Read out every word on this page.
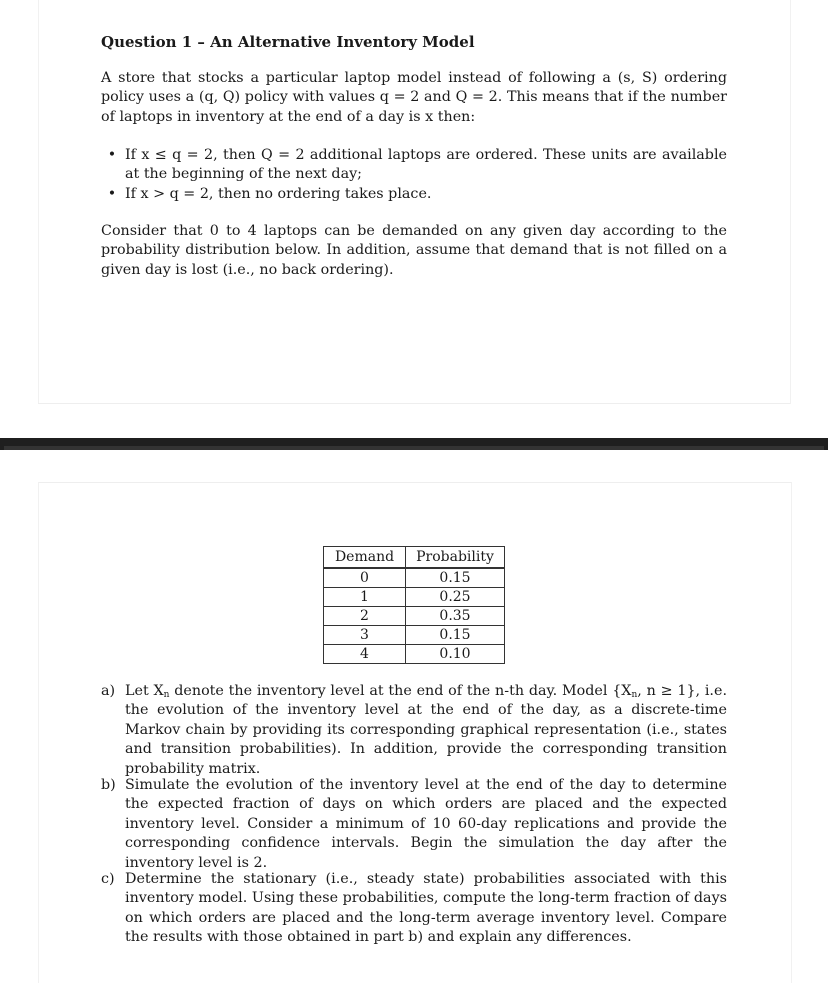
Question 1 – An Alternative Inventory Model
A store that stocks a particular laptop model instead of following a (s, S) ordering policy uses a (q, Q) policy with values q = 2 and Q = 2. This means that if the number of laptops in inventory at the end of a day is x then:
• If x ≤ q = 2, then Q = 2 additional laptops are ordered. These units are available at the beginning of the next day;
• If x > q = 2, then no ordering takes place.
Consider that 0 to 4 laptops can be demanded on any given day according to the probability distribution below. In addition, assume that demand that is not filled on a given day is lost (i.e., no back ordering).
Demand	Probability
0	0.15
1	0.25
2	0.35
3	0.15
4	0.10
a) Let $X_n$ denote the inventory level at the end of the n-th day. Model {$X_n$, n ≥ 1}, i.e. the evolution of the inventory level at the end of the day, as a discrete-time Markov chain by providing its corresponding graphical representation (i.e., states and transition probabilities). In addition, provide the corresponding transition probability matrix.
b) Simulate the evolution of the inventory level at the end of the day to determine the expected fraction of days on which orders are placed and the expected inventory level. Consider a minimum of 10 60-day replications and provide the corresponding confidence intervals. Begin the simulation the day after the inventory level is 2.
c) Determine the stationary (i.e., steady state) probabilities associated with this inventory model. Using these probabilities, compute the long-term fraction of days on which orders are placed and the long-term average inventory level. Compare the results with those obtained in part b) and explain any differences.
